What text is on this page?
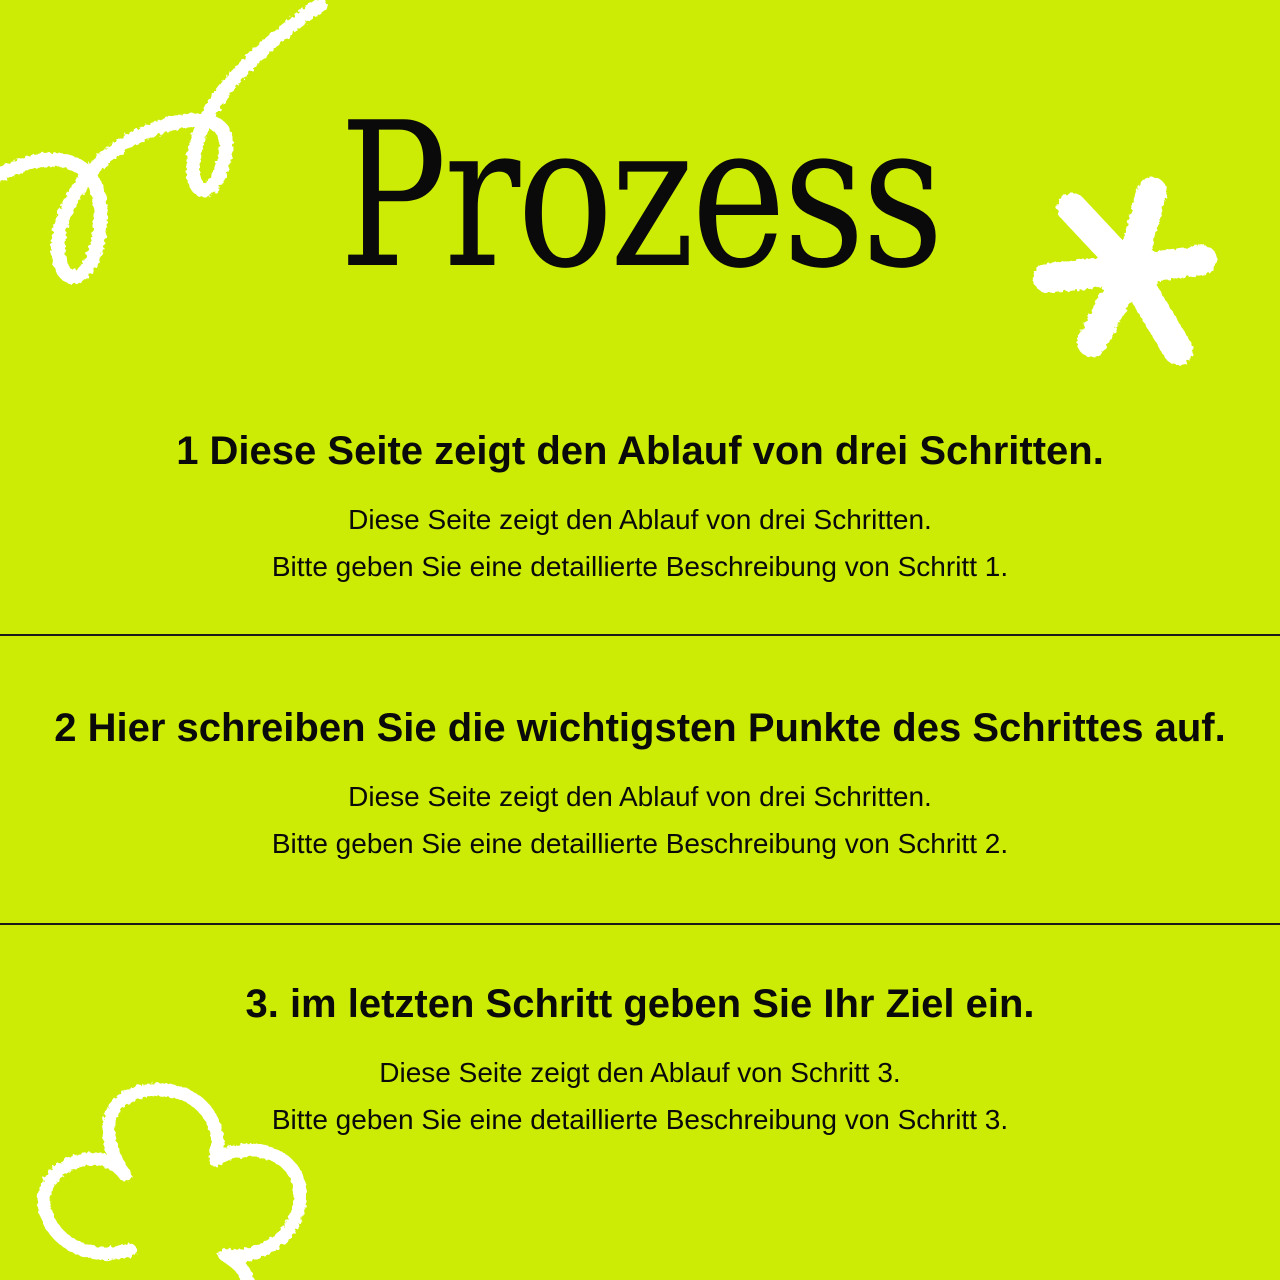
Prozess
1 Diese Seite zeigt den Ablauf von drei Schritten.

Diese Seite zeigt den Ablauf von drei Schritten.

Bitte geben Sie eine detaillierte Beschreibung von Schritt 1.

2 Hier schreiben Sie die wichtigsten Punkte des Schrittes auf.

Diese Seite zeigt den Ablauf von drei Schritten.

Bitte geben Sie eine detaillierte Beschreibung von Schritt 2.

3. im letzten Schritt geben Sie Ihr Ziel ein.

Diese Seite zeigt den Ablauf von Schritt 3.

Bitte geben Sie eine detaillierte Beschreibung von Schritt 3.
